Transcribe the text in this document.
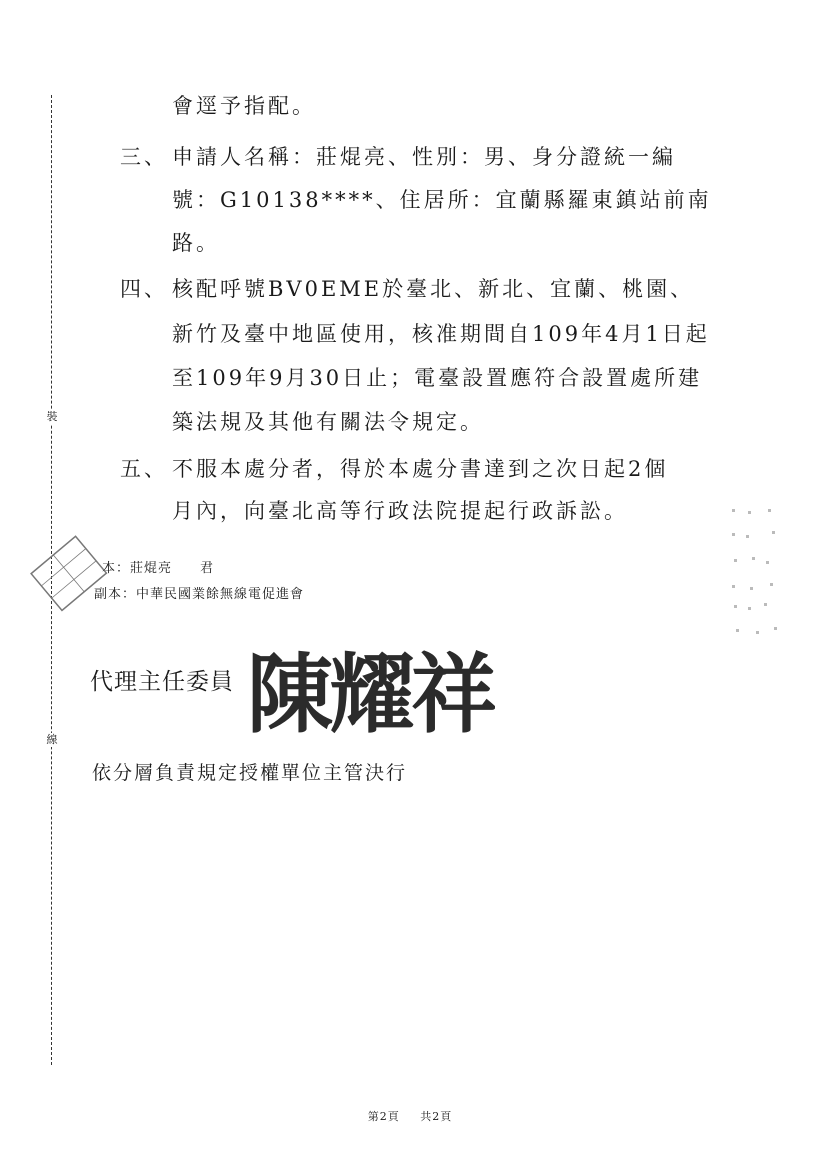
裝
線
會逕予指配。
三、 申請人名稱：莊焜亮、性別：男、身分證統一編
號：G10138****、住居所：宜蘭縣羅東鎮站前南
路。
四、 核配呼號BV0EME於臺北、新北、宜蘭、桃園、
新竹及臺中地區使用，核准期間自109年4月1日起
至109年9月30日止；電臺設置應符合設置處所建
築法規及其他有關法令規定。
五、 不服本處分者，得於本處分書達到之次日起2個
月內，向臺北高等行政法院提起行政訴訟。
本：莊焜亮　　君
副本：中華民國業餘無線電促進會
代理主任委員 陳耀祥
依分層負責規定授權單位主管決行
第2頁 共2頁
